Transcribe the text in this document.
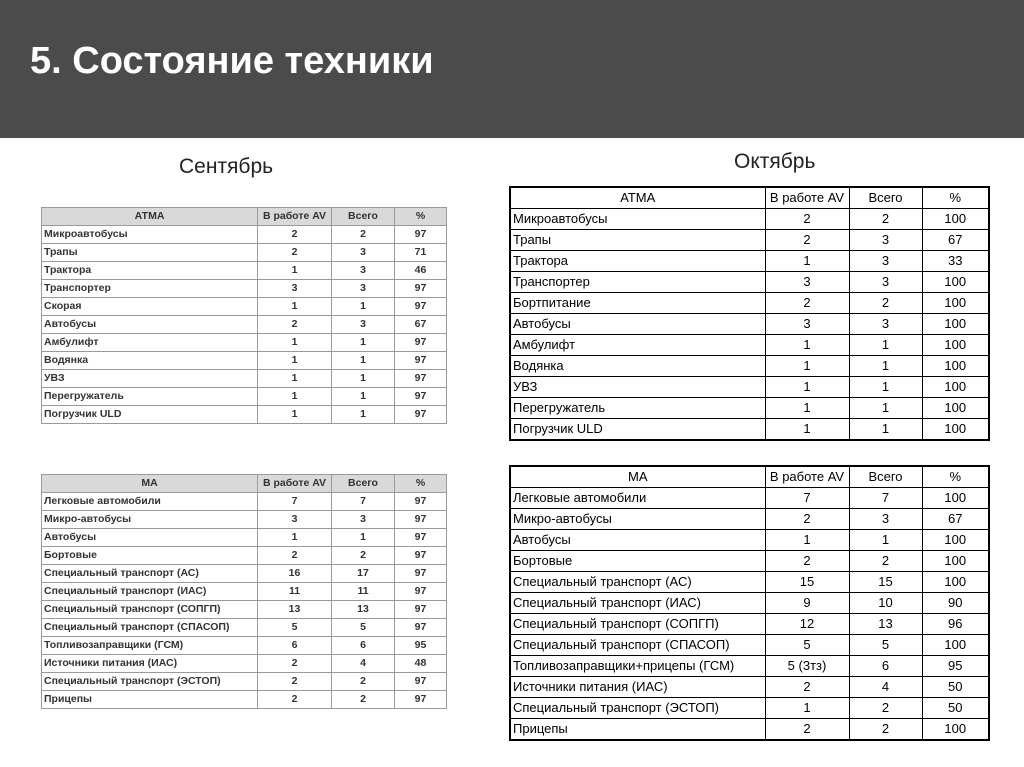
5. Состояние техники
Сентябрь	Октябрь
АТМА	В работе AV	Всего	%
Микроавтобусы	2	2	97
Трапы	2	3	71
Трактора	1	3	46
Транспортер	3	3	97
Скорая	1	1	97
Автобусы	2	3	67
Амбулифт	1	1	97
Водянка	1	1	97
УВЗ	1	1	97
Перегружатель	1	1	97
Погрузчик ULD	1	1	97
МА	В работе AV	Всего	%
Легковые автомобили	7	7	97
Микро-автобусы	3	3	97
Автобусы	1	1	97
Бортовые	2	2	97
Специальный транспорт (АС)	16	17	97
Специальный транспорт (ИАС)	11	11	97
Специальный транспорт (СОПГП)	13	13	97
Специальный транспорт (СПАСОП)	5	5	97
Топливозаправщики (ГСМ)	6	6	95
Источники питания (ИАС)	2	4	48
Специальный транспорт (ЭСТОП)	2	2	97
Прицепы	2	2	97
АТМА	В работе AV	Всего	%
Микроавтобусы	2	2	100
Трапы	2	3	67
Трактора	1	3	33
Транспортер	3	3	100
Бортпитание	2	2	100
Автобусы	3	3	100
Амбулифт	1	1	100
Водянка	1	1	100
УВЗ	1	1	100
Перегружатель	1	1	100
Погрузчик ULD	1	1	100
МА	В работе AV	Всего	%
Легковые автомобили	7	7	100
Микро-автобусы	2	3	67
Автобусы	1	1	100
Бортовые	2	2	100
Специальный транспорт (АС)	15	15	100
Специальный транспорт (ИАС)	9	10	90
Специальный транспорт (СОПГП)	12	13	96
Специальный транспорт (СПАСОП)	5	5	100
Топливозаправщики+прицепы (ГСМ)	5 (3тз)	6	95
Источники питания (ИАС)	2	4	50
Специальный транспорт (ЭСТОП)	1	2	50
Прицепы	2	2	100
